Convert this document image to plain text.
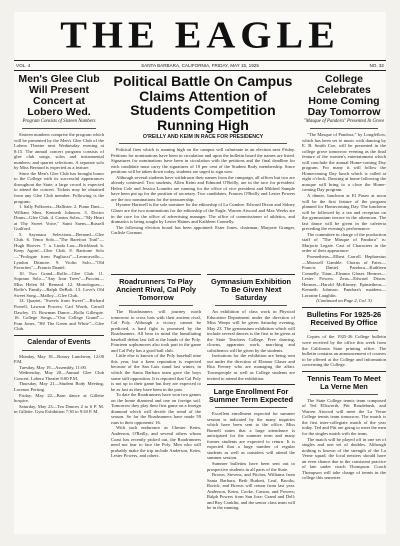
THE EAGLE
VOL. 4	SANTA BARBARA, CALIFORNIA, FRIDAY, MAY 15, 1925	NO. 32
Men's Glee Club Will Present Concert at Lobero Wed.
Program Consists of Sixteen Numbers

Sixteen numbers comprise the program which will be presented by the Men's Glee Club of the Lobero Theatre next Wednesday evening at 8:15. The annual concert program consists of glee club songs, solos and instrumental numbers, and quartet selections. A separate solo by Miss Bernard is expected as a feature.

Since the Men's Glee Club has brought honor to the College with its successful appearances throughout the State, a large crowd is expected to attend the concert. Tickets may be obtained from any Glee Club member. Following is the program:

1. Sally Polkwetz—Hallister. 2. Piano Duet—William Shea, Kenneth Johnson. 3. Doctor Drum—Glee Club. 4. Cantos Solos—"My Heart at Thy Sweet Voice," Saint Saens—Russell Guilford.

5. Sayonara Selections—Bernard—Glee Club. 6. Tenor Solo—"The Barefoot Trail"—Hugh Hoover. 7. a. Linda Lou—Brickland; b. Keep Agoin'—Glee Club. 8. Baritone Solo—"Prologue from Pagliacci"—Leoncavallo—Lyndon Ditmore. 9. Violin Solo—"Old Favorites"—Francis Daniel.

10. Two Grand—Rolfe—Glee Club. 11. Soprano Solo—"Any Iron Trees"—Puccini—Miss Helen M. Bernard. 12. Monologues—Rolfe's Family—Ralph DeBolt. 13. Love's Old Sweet Song—Malloy—Glee Club.

14. Quartet, "Sweets from Sweet"—Richard Powell, Lawson Powers, Carl Worth, Carroll Dawley. 15. Bowman Dance—Rollo Gillespie. 16. College Songs—"Our College Grand"—Fran Jones, "Hi! The Green and White"—Glee Club.

Calendar of Events

Monday, May 18—Rotary Luncheon, 12:00 P.M.

Tuesday, May 19—Assembly, 11:00.

Wednesday, May 20—Annual Glee Club Concert, Lobero Theatre 8:00 P.M.

Thursday, May 21—Student Body Meeting, Lorenzo Porting.

Friday, May 22—Barn dance at Gillette hospice.

Saturday, May 23—Tea Dances 2 to 6 P. M. in Gillette. Gym Exhibition 7:30 to 9:30 P. M.

Political Battle On Campus Claims Attention of Students Competition Running High
O'REILLY AND KEIM IN RACE FOR PRESIDENCY

Political fires which is running high on the campus will culminate in an election next Friday. Petitions for nominations have been in circulation and upon the bulletin board the names are listed. Signatures for nominations have been in circulation with the petitions and the final deadline for each candidate must carry the signatures of 10 per cent of the Student Body membership. Since petitions will be taken down today, students are urged to sign now.

Although several students have withdrawn their names from the campaign, all offices but two are already contested. Two students, Allen Keim and Edmond O'Reilly, are in the race for president. Helen Cole and Jessica Lounder are running for the office of vice president and Mildred Sample have been put up for the position of secretary. Two candidates, Frances O'Reilly and Lester Powers are the two nominations for the treasurership.

Hyonne Hartwell is the sole nominee for the editorship of La Cumbre. Edward Dixon and Sidney Glaser are the two nominations for the editorship of the Eagle. Warren Atwood and Max Weeks are in the race for the office of advertising manager. The office of commissioner of athletics, and dramatics is being sought by Lester Haines and Kathleen Connelly.

The following election board has been appointed: Ester Jones, chairman; Marjorie Granger, Carlisle Gorman.

Roadrunners To Play Ancient Rival, Cal Poly Tomorrow

The Roadrunners will journey north tomorrow to cross bats with their ancient rival, Cal Poly. Although a victory cannot be predicted, a hard fight is promised by the Roadrunners. All bear in mind the humiliating baseball defeat last fall at the hands of the Poly. Fourteen sophomores also took part in the game and Cal Poly has a good ball club.

Little else is known of the Poly baseball nine this year, but a keen reputation is expected because of the San Luis stand last winter, in which the Santa Barbara team gave the boys some stiff opposition. It is reported that Cal Poly is not up to their game but they are expected to be as fast as they have been in the past.

To date the Roadrunners have won two games on the home diamond and one on foreign soil. Tomorrow they play their first game on a foreign diamond which will decide the trend of the season. So far the Roadrunners have made 59 runs to their opponents' 16.

With such endurance as Chester Keim, Anderson, O'Reilly, and several others whom Coast has recently picked out, the Roadrunners need not fear to face the Poly. Men who will probably make the trip include Anderson, Keim, Lester Powers, and others.

Gymnasium Exhibition To Be Given Next Saturday

An exhibition of class work in Physical Education Department under the direction of Miss Weeps will be given Saturday evening, May 23. The gymnasium exhibition which will include several dances is the first to be given at the State Teachers College. Free dancing, clowns, apparatus work, marching and calisthenics will be given by the students.

Invitations for the exhibition are being sent out under the direction of Eleanor Glaser and Rita Feeney who are managing the affair. Townspeople as well as College students are invited to attend the exhibition.

Large Enrollment For Summer Term Expected

Excellent enrollment expected for summer session is indicated by the many inquiries which have been sent to the office. Miss Burnell states that a large attendance is anticipated for the summer term and many former students are expected to return. It is expected that a large number of regular students as well as outsiders will attend the summer session.

Summer bulletins have been sent out to prospective students in all parts of the State.

Brown, Stevens, and Pitcher, Williams from Santa Barbara, Beth Burkett, Leaf, Brooks, Rorick, and Brown will return from last year. Anderson, Keim, Cooke, Carson, and Powers; Ralph Powers from San Jose; Grand and Dell; and Roy Conklin, and the senior class team will be in the running.

College Celebrates Home Coming Day Tomorrow
"Masque of Pandora" Presented In Grove

"The Masque of Pandora," by Longfellow, which has been set to music with dancing by E. B. Smith Coe, will be presented in the college grove tomorrow evening as the final feature of the women's entertainment which will conclude the annual Home-coming Day program. For many it will follow the Homecoming Day lunch which is called at eight o'clock. Dancing at home following the masque will bring to a close the Home-coming Day program.

A dinner, luncheon at El Paseo at noon will be the first feature of the program planned for Homecoming Day. The luncheon will be followed by a tea and reception on the gymnasium terrace in the afternoon. The last dance will be given in the cafeteria preceding the evening's performance.

The committee in charge of the production staff of "The Masque of Pandora" is: Marjorie Legate. Cast of Characters in the order of their appearance:

Prometheus—Elbert Carroll. Hephaestus—Maxwell Gamble. Chorus of Fates—Francis Daniel. Pandora—Kathleen Connelly. Titan—Eleanor Glaser. Hermes—Lester Powers. Zeus—Edward Dixon. Hermes—Harold McKinney. Epimetheus—Kenneth Johnson. Pandora's maidens—Lorraine Laughlin.

(Continued on Page 2, Col. 3)
Bulletins For 1925-26 Received By Office

Copies of the 1925-26 College bulletin were received by the office this week from the California State printing office. The bulletin contains an announcement of courses to be offered at the College and information concerning the College.

Tennis Team To Meet La Verne Men

The State College tennis team composed of Ted Ellsworth, Pitt Roudebush, and Warren Atwood will meet the La Verne College tennis team tomorrow. The match is the first inter-collegiate match of the year today. Ted and Pitt are going to meet the men for the singles match with the team.

The match will be played off in one set of singles and one set of doubles. Although nothing is known of the strength of the La Verne squad, the local netsters should have an even chance due to the consistent practice of late under coach Thompson. Coach Thompson will take charge of tennis in the college this semester.
